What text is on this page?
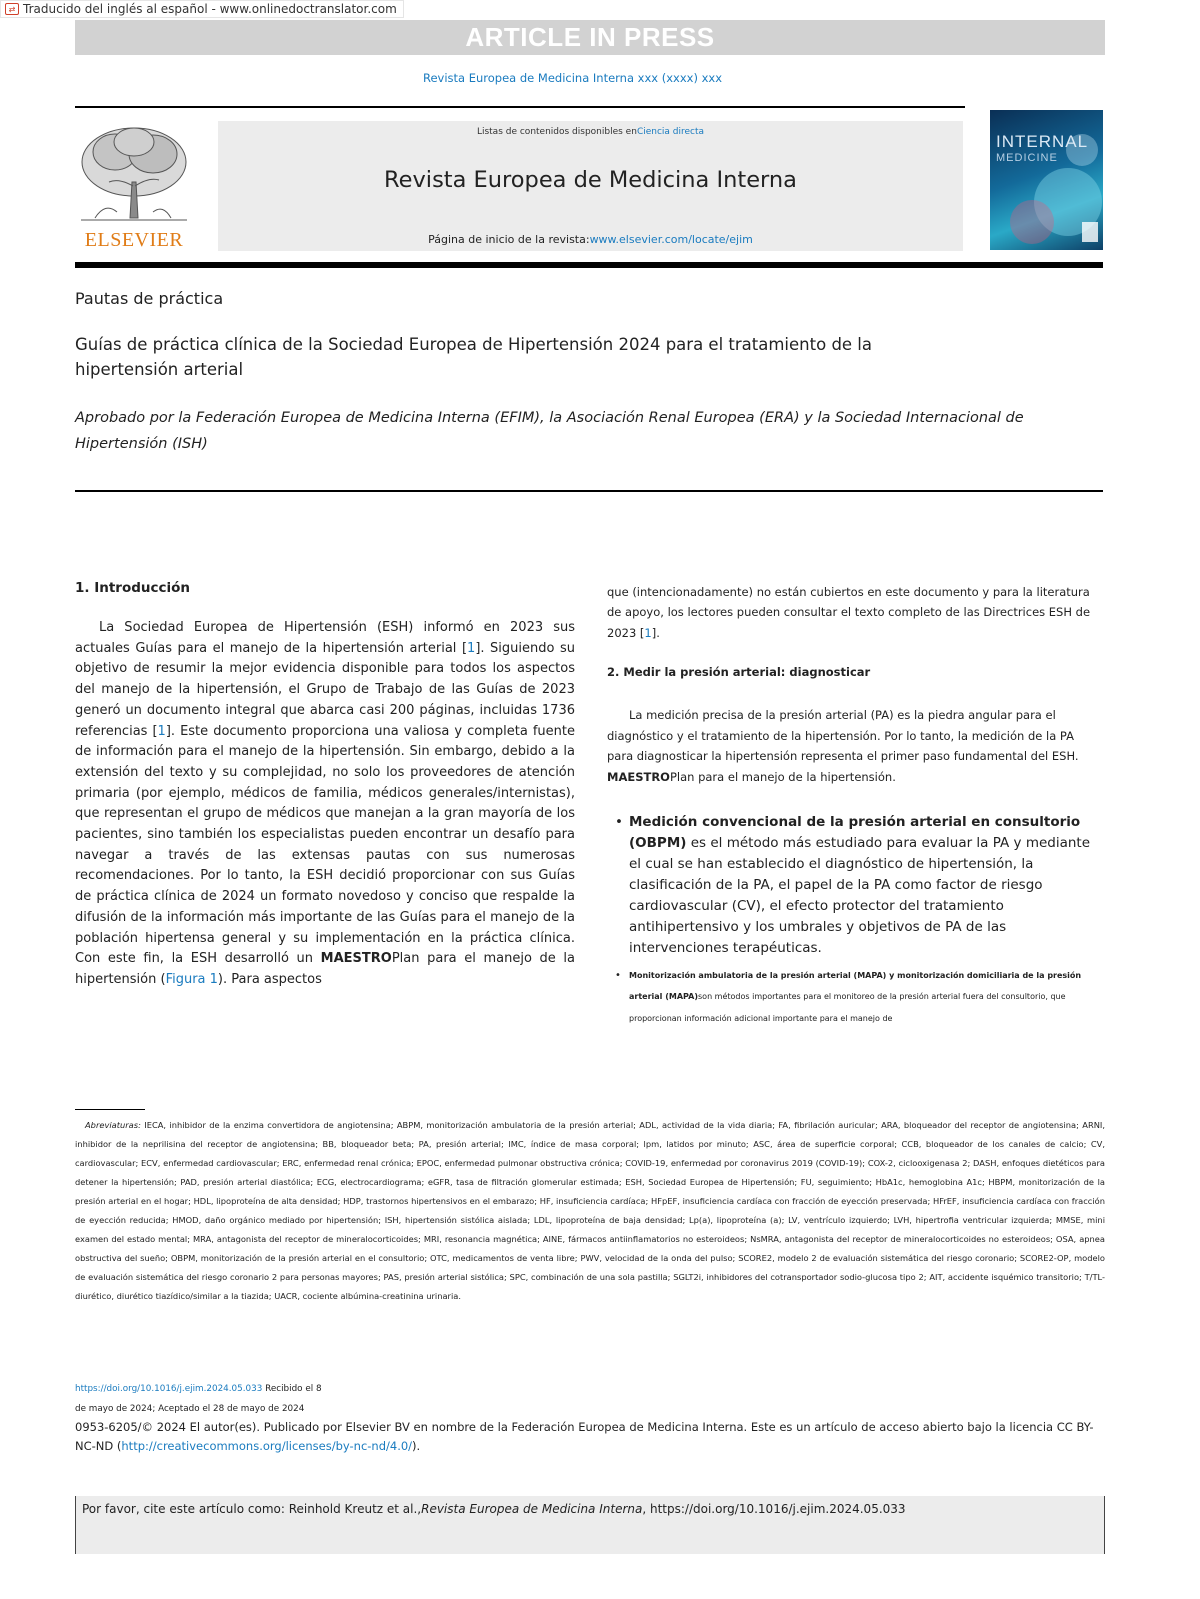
⇄ Traducido del inglés al español - www.onlinedoctranslator.com
ARTICLE IN PRESS
Revista Europea de Medicina Interna xxx (xxxx) xxx
ELSEVIER
Listas de contenidos disponibles enCiencia directa
Revista Europea de Medicina Interna
Página de inicio de la revista:www.elsevier.com/locate/ejim
INTERNAL
MEDICINE
Pautas de práctica
Guías de práctica clínica de la Sociedad Europea de Hipertensión 2024 para el tratamiento de la hipertensión arterial
Aprobado por la Federación Europea de Medicina Interna (EFIM), la Asociación Renal Europea (ERA) y la Sociedad Internacional de Hipertensión (ISH)
1. Introducción

La Sociedad Europea de Hipertensión (ESH) informó en 2023 sus actuales Guías para el manejo de la hipertensión arterial [1]. Siguiendo su objetivo de resumir la mejor evidencia disponible para todos los aspectos del manejo de la hipertensión, el Grupo de Trabajo de las Guías de 2023 generó un documento integral que abarca casi 200 páginas, incluidas 1736 referencias [1]. Este documento proporciona una valiosa y completa fuente de información para el manejo de la hipertensión. Sin embargo, debido a la extensión del texto y su complejidad, no solo los proveedores de atención primaria (por ejemplo, médicos de familia, médicos generales/internistas), que representan el grupo de médicos que manejan a la gran mayoría de los pacientes, sino también los especialistas pueden encontrar un desafío para navegar a través de las extensas pautas con sus numerosas recomendaciones. Por lo tanto, la ESH decidió proporcionar con sus Guías de práctica clínica de 2024 un formato novedoso y conciso que respalde la difusión de la información más importante de las Guías para el manejo de la población hipertensa general y su implementación en la práctica clínica. Con este fin, la ESH desarrolló un MAESTROPlan para el manejo de la hipertensión (Figura 1). Para aspectos

que (intencionadamente) no están cubiertos en este documento y para la literatura de apoyo, los lectores pueden consultar el texto completo de las Directrices ESH de 2023 [1].

2. Medir la presión arterial: diagnosticar

La medición precisa de la presión arterial (PA) es la piedra angular para el diagnóstico y el tratamiento de la hipertensión. Por lo tanto, la medición de la PA para diagnosticar la hipertensión representa el primer paso fundamental del ESH. MAESTROPlan para el manejo de la hipertensión.

• Medición convencional de la presión arterial en consultorio (OBPM) es el método más estudiado para evaluar la PA y mediante el cual se han establecido el diagnóstico de hipertensión, la clasificación de la PA, el papel de la PA como factor de riesgo cardiovascular (CV), el efecto protector del tratamiento antihipertensivo y los umbrales y objetivos de PA de las intervenciones terapéuticas.
• Monitorización ambulatoria de la presión arterial (MAPA) y monitorización domiciliaria de la presión arterial (MAPA)son métodos importantes para el monitoreo de la presión arterial fuera del consultorio, que proporcionan información adicional importante para el manejo de
Abreviaturas: IECA, inhibidor de la enzima convertidora de angiotensina; ABPM, monitorización ambulatoria de la presión arterial; ADL, actividad de la vida diaria; FA, fibrilación auricular; ARA, bloqueador del receptor de angiotensina; ARNI, inhibidor de la neprilisina del receptor de angiotensina; BB, bloqueador beta; PA, presión arterial; IMC, índice de masa corporal; lpm, latidos por minuto; ASC, área de superficie corporal; CCB, bloqueador de los canales de calcio; CV, cardiovascular; ECV, enfermedad cardiovascular; ERC, enfermedad renal crónica; EPOC, enfermedad pulmonar obstructiva crónica; COVID-19, enfermedad por coronavirus 2019 (COVID-19); COX-2, ciclooxigenasa 2; DASH, enfoques dietéticos para detener la hipertensión; PAD, presión arterial diastólica; ECG, electrocardiograma; eGFR, tasa de filtración glomerular estimada; ESH, Sociedad Europea de Hipertensión; FU, seguimiento; HbA1c, hemoglobina A1c; HBPM, monitorización de la presión arterial en el hogar; HDL, lipoproteína de alta densidad; HDP, trastornos hipertensivos en el embarazo; HF, insuficiencia cardíaca; HFpEF, insuficiencia cardíaca con fracción de eyección preservada; HFrEF, insuficiencia cardíaca con fracción de eyección reducida; HMOD, daño orgánico mediado por hipertensión; ISH, hipertensión sistólica aislada; LDL, lipoproteína de baja densidad; Lp(a), lipoproteína (a); LV, ventrículo izquierdo; LVH, hipertrofia ventricular izquierda; MMSE, mini examen del estado mental; MRA, antagonista del receptor de mineralocorticoides; MRI, resonancia magnética; AINE, fármacos antiinflamatorios no esteroideos; NsMRA, antagonista del receptor de mineralocorticoides no esteroideos; OSA, apnea obstructiva del sueño; OBPM, monitorización de la presión arterial en el consultorio; OTC, medicamentos de venta libre; PWV, velocidad de la onda del pulso; SCORE2, modelo 2 de evaluación sistemática del riesgo coronario; SCORE2-OP, modelo de evaluación sistemática del riesgo coronario 2 para personas mayores; PAS, presión arterial sistólica; SPC, combinación de una sola pastilla; SGLT2i, inhibidores del cotransportador sodio-glucosa tipo 2; AIT, accidente isquémico transitorio; T/TL-diurético, diurético tiazídico/similar a la tiazida; UACR, cociente albúmina-creatinina urinaria.
https://doi.org/10.1016/j.ejim.2024.05.033 Recibido el 8
de mayo de 2024; Aceptado el 28 de mayo de 2024
0953-6205/© 2024 El autor(es). Publicado por Elsevier BV en nombre de la Federación Europea de Medicina Interna. Este es un artículo de acceso abierto bajo la licencia CC BY-NC-ND (http://creativecommons.org/licenses/by-nc-nd/4.0/).
Por favor, cite este artículo como: Reinhold Kreutz et al.,Revista Europea de Medicina Interna, https://doi.org/10.1016/j.ejim.2024.05.033
